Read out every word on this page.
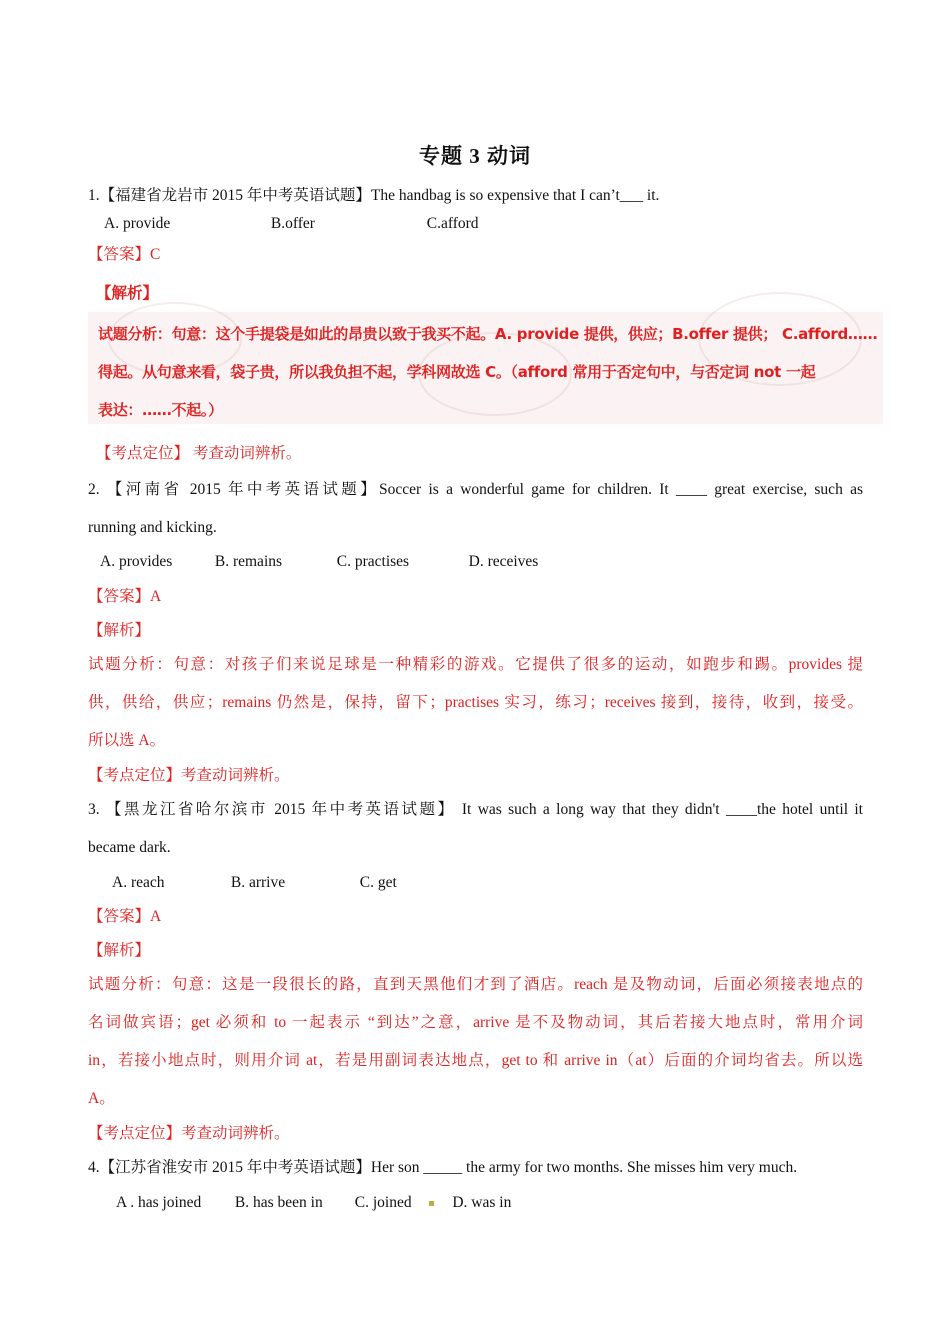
专题 3 动词
1.【福建省龙岩市 2015 年中考英语试题】The handbag is so expensive that I can’t___ it.
A. provide	B.offer	C.afford
【答案】C
【解析】
试题分析：句意：这个手提袋是如此的昂贵以致于我买不起。A. provide 提供，供应；B.offer 提供； C.afford……
得起。从句意来看，袋子贵，所以我负担不起，学科网故选 C。（afford 常用于否定句中，与否定词 not 一起
表达：……不起。）
【考点定位】 考查动词辨析。
2. 【河南省 2015 年中考英语试题】Soccer is a wonderful game for children. It ____ great exercise, such as
running and kicking.
A. provides	B. remains	C. practises	D. receives
【答案】A
【解析】
试题分析：句意：对孩子们来说足球是一种精彩的游戏。它提供了很多的运动，如跑步和踢。provides 提
供，供给，供应；remains 仍然是，保持，留下；practises 实习，练习；receives 接到，接待，收到，接受。
所以选 A。
【考点定位】考查动词辨析。
3. 【黑龙江省哈尔滨市 2015 年中考英语试题】 It was such a long way that they didn't ____the hotel until it
became dark.
A. reach	B. arrive	C. get
【答案】A
【解析】
试题分析：句意：这是一段很长的路，直到天黑他们才到了酒店。reach 是及物动词，后面必须接表地点的
名词做宾语；get 必须和 to 一起表示 “到达”之意，arrive 是不及物动词，其后若接大地点时，常用介词
in，若接小地点时，则用介词 at，若是用副词表达地点，get to 和 arrive in（at）后面的介词均省去。所以选
A。
【考点定位】考查动词辨析。
4.【江苏省淮安市 2015 年中考英语试题】Her son _____ the army for two months. She misses him very much.
A . has joined B. has been in C. joined	D. was in
